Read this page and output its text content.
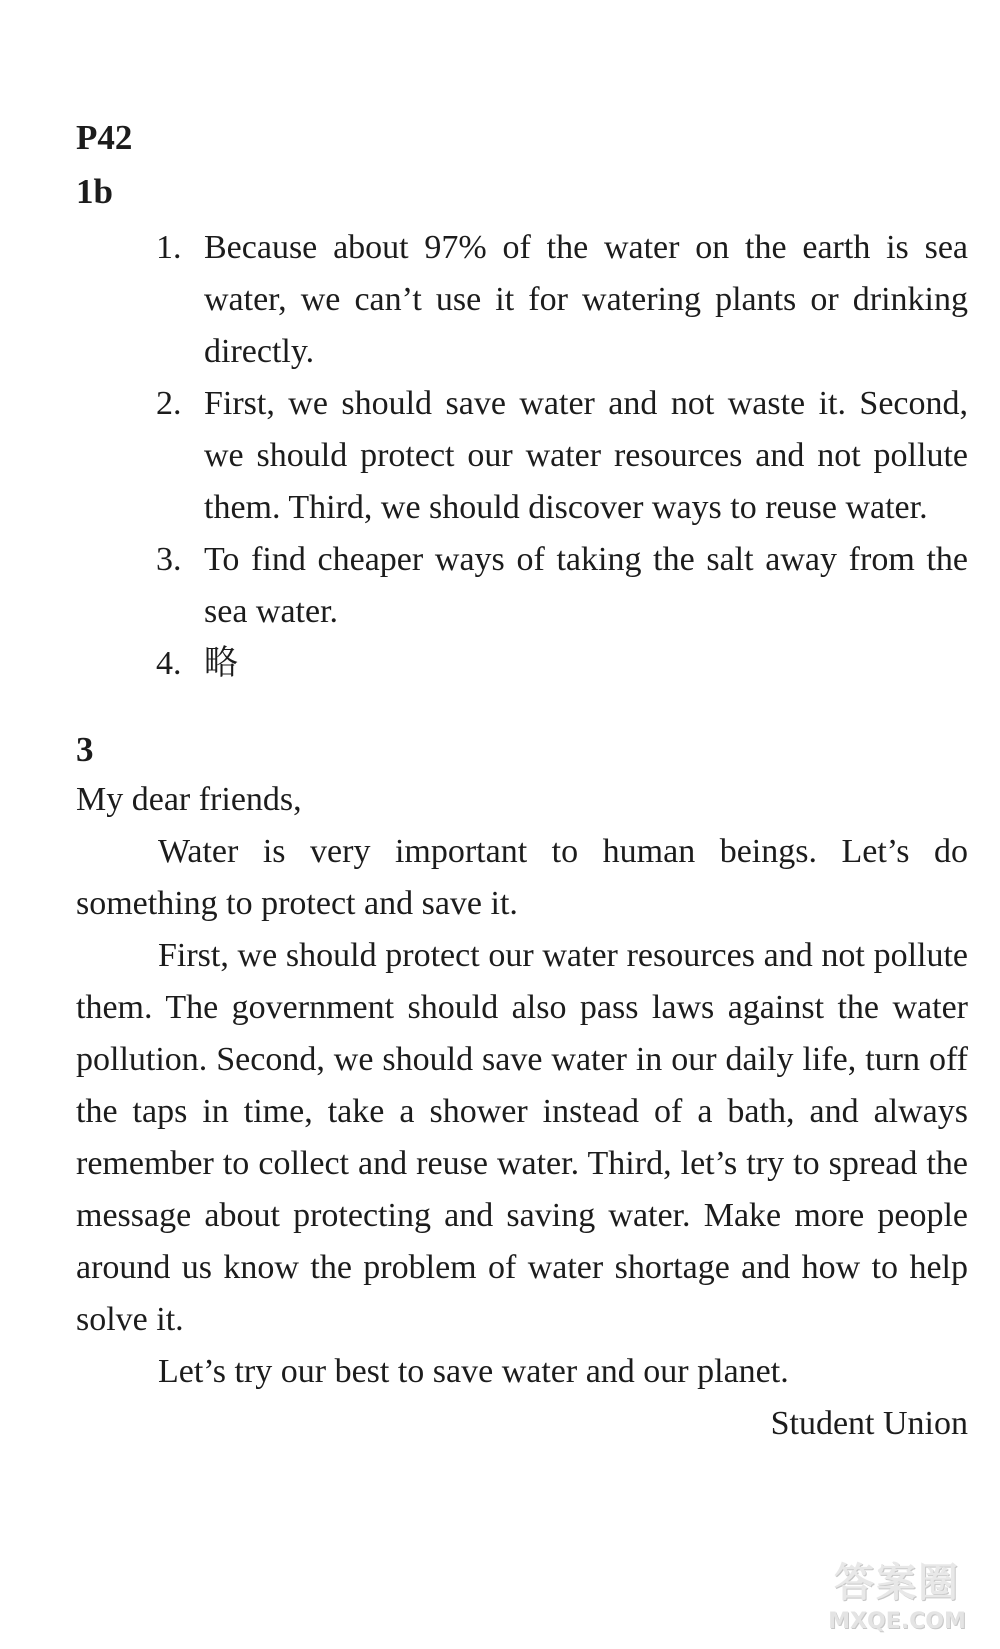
P42
1b
1. Because about 97% of the water on the earth is sea water, we can’t use it for watering plants or drinking directly.
2. First, we should save water and not waste it. Second, we should protect our water resources and not pollute them. Third, we should discover ways to reuse water.
3. To find cheaper ways of taking the salt away from the sea water.
4. 略
3

My dear friends,

Water is very important to human beings. Let’s do something to protect and save it.

First, we should protect our water resources and not pollute them. The government should also pass laws against the water pollution. Second, we should save water in our daily life, turn off the taps in time, take a shower instead of a bath, and always remember to collect and reuse water. Third, let’s try to spread the message about protecting and saving water. Make more people around us know the problem of water shortage and how to help solve it.

Let’s try our best to save water and our planet.

Student Union

答案圈
MXQE.COM
